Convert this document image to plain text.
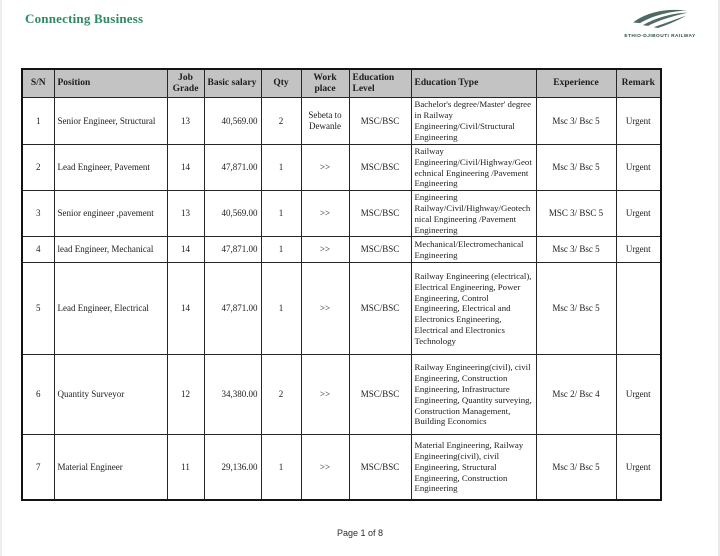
Connecting Business
ETHIO-DJIBOUTI RAILWAY
S/N	Position	Job Grade	Basic salary	Qty	Work place	Education Level	Education Type	Experience	Remark
1	Senior Engineer, Structural	13	40,569.00	2	Sebeta to Dewanle	MSC/BSC	Bachelor's degree/Master' degree in Railway Engineering/Civil/Structural Engineering	Msc 3/ Bsc 5	Urgent
2	Lead Engineer, Pavement	14	47,871.00	1	>>	MSC/BSC	Railway Engineering/Civil/Highway/Geotechnical Engineering /Pavement Engineering	Msc 3/ Bsc 5	Urgent
3	Senior engineer ,pavement	13	40,569.00	1	>>	MSC/BSC	Engineering Railway/Civil/Highway/Geotechnical Engineering /Pavement Engineering	MSC 3/ BSC 5	Urgent
4	lead Engineer, Mechanical	14	47,871.00	1	>>	MSC/BSC	Mechanical/Electromechanical Engineering	Msc 3/ Bsc 5	Urgent
5	Lead Engineer, Electrical	14	47,871.00	1	>>	MSC/BSC	Railway Engineering (electrical), Electrical Engineering, Power Engineering, Control Engineering, Electrical and Electronics Engineering, Electrical and Electronics Technology	Msc 3/ Bsc 5	
6	Quantity Surveyor	12	34,380.00	2	>>	MSC/BSC	Railway Engineering(civil), civil Engineering, Construction Engineering, Infrastructure Engineering, Quantity surveying, Construction Management, Building Economics	Msc 2/ Bsc 4	Urgent
7	Material Engineer	11	29,136.00	1	>>	MSC/BSC	Material Engineering, Railway Engineering(civil), civil Engineering, Structural Engineering, Construction Engineering	Msc 3/ Bsc 5	Urgent
Page 1 of 8
